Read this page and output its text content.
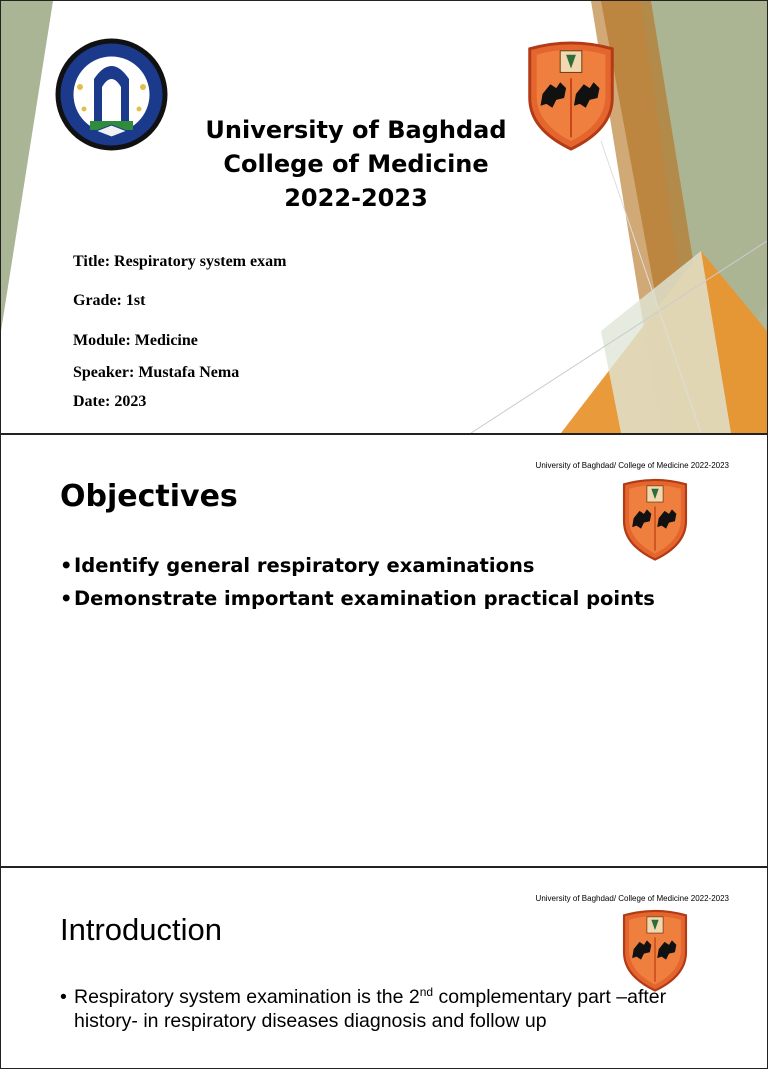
University of Baghdad
College of Medicine
2022-2023
Title: Respiratory system exam
Grade: 1st
Module: Medicine
Speaker: Mustafa Nema
Date: 2023
University of Baghdad/ College of Medicine 2022-2023
Objectives
• Identify general respiratory examinations
• Demonstrate important examination practical points
University of Baghdad/ College of Medicine 2022-2023
Introduction
• Respiratory system examination is the 2nd complementary part –after history- in respiratory diseases diagnosis and follow up
